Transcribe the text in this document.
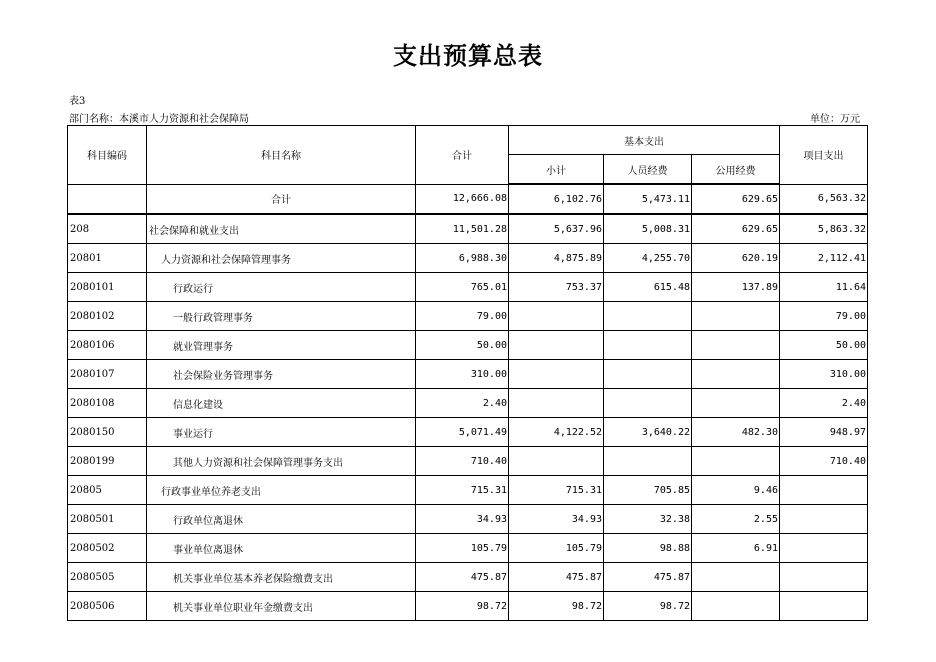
支出预算总表
表3
部门名称：本溪市人力资源和社会保障局	单位：万元
科目编码	科目名称	合计	基本支出			项目支出
			小计	人员经费	公用经费	
	合计	12,666.08	6,102.76	5,473.11	629.65	6,563.32
208	社会保障和就业支出	11,501.28	5,637.96	5,008.31	629.65	5,863.32
20801	人力资源和社会保障管理事务	6,988.30	4,875.89	4,255.70	620.19	2,112.41
2080101	行政运行	765.01	753.37	615.48	137.89	11.64
2080102	一般行政管理事务	79.00				79.00
2080106	就业管理事务	50.00				50.00
2080107	社会保险业务管理事务	310.00				310.00
2080108	信息化建设	2.40				2.40
2080150	事业运行	5,071.49	4,122.52	3,640.22	482.30	948.97
2080199	其他人力资源和社会保障管理事务支出	710.40				710.40
20805	行政事业单位养老支出	715.31	715.31	705.85	9.46	
2080501	行政单位离退休	34.93	34.93	32.38	2.55	
2080502	事业单位离退休	105.79	105.79	98.88	6.91	
2080505	机关事业单位基本养老保险缴费支出	475.87	475.87	475.87		
2080506	机关事业单位职业年金缴费支出	98.72	98.72	98.72		
